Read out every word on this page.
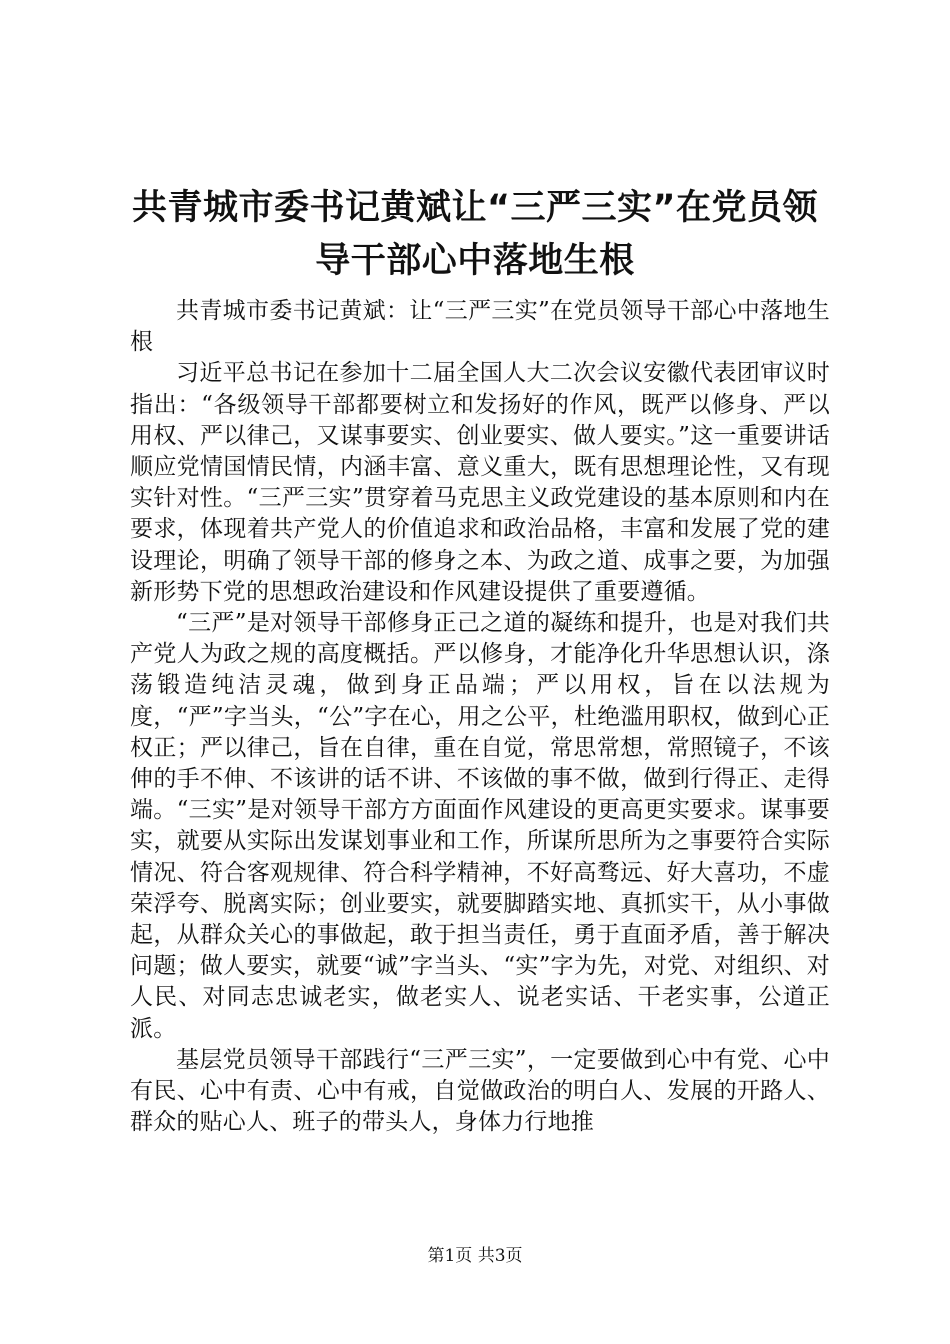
共青城市委书记黄斌让“三严三实”在党员领
导干部心中落地生根

共青城市委书记黄斌：让“三严三实”在党员领导干部心中落地生根

习近平总书记在参加十二届全国人大二次会议安徽代表团审议时指出：“各级领导干部都要树立和发扬好的作风，既严以修身、严以用权、严以律己，又谋事要实、创业要实、做人要实。”这一重要讲话顺应党情国情民情，内涵丰富、意义重大，既有思想理论性，又有现实针对性。“三严三实”贯穿着马克思主义政党建设的基本原则和内在要求，体现着共产党人的价值追求和政治品格，丰富和发展了党的建设理论，明确了领导干部的修身之本、为政之道、成事之要，为加强新形势下党的思想政治建设和作风建设提供了重要遵循。

“三严”是对领导干部修身正己之道的凝练和提升，也是对我们共产党人为政之规的高度概括。严以修身，才能净化升华思想认识，涤荡锻造纯洁灵魂，做到身正品端；严以用权，旨在以法规为度，“严”字当头，“公”字在心，用之公平，杜绝滥用职权，做到心正权正；严以律己，旨在自律，重在自觉，常思常想，常照镜子，不该伸的手不伸、不该讲的话不讲、不该做的事不做，做到行得正、走得端。“三实”是对领导干部方方面面作风建设的更高更实要求。谋事要实，就要从实际出发谋划事业和工作，所谋所思所为之事要符合实际情况、符合客观规律、符合科学精神，不好高骛远、好大喜功，不虚荣浮夸、脱离实际；创业要实，就要脚踏实地、真抓实干，从小事做起，从群众关心的事做起，敢于担当责任，勇于直面矛盾，善于解决问题；做人要实，就要“诚”字当头、“实”字为先，对党、对组织、对人民、对同志忠诚老实，做老实人、说老实话、干老实事，公道正派。

基层党员领导干部践行“三严三实”，一定要做到心中有党、心中有民、心中有责、心中有戒，自觉做政治的明白人、发展的开路人、群众的贴心人、班子的带头人，身体力行地推

第1页 共3页
